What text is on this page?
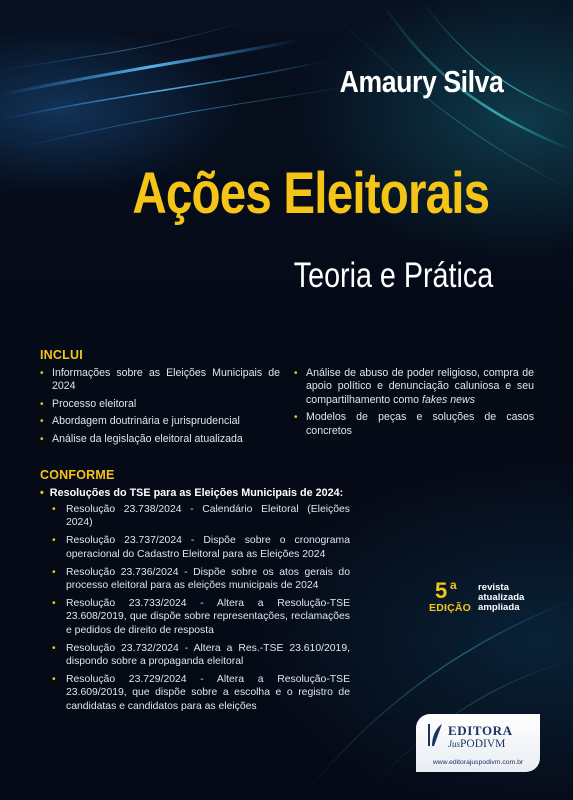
Amaury Silva
Ações Eleitorais
Teoria e Prática
INCLUI
• Informações sobre as Eleições Municipais de 2024
• Processo eleitoral
• Abordagem doutrinária e jurisprudencial
• Análise da legislação eleitoral atualizada
• Análise de abuso de poder religioso, compra de apoio político e denunciação caluniosa e seu compartilhamento como fakes news
• Modelos de peças e soluções de casos concretos
CONFORME
• Resoluções do TSE para as Eleições Municipais de 2024:
• Resolução 23.738/2024 - Calendário Eleitoral (Eleições 2024)
• Resolução 23.737/2024 - Dispõe sobre o cronograma operacional do Cadastro Eleitoral para as Eleições 2024
• Resolução 23.736/2024 - Dispõe sobre os atos gerais do processo eleitoral para as eleições municipais de 2024
• Resolução 23.733/2024 - Altera a Resolução-TSE 23.608/2019, que dispõe sobre representações, reclamações e pedidos de direito de resposta
• Resolução 23.732/2024 - Altera a Res.-TSE 23.610/2019, dispondo sobre a propaganda eleitoral
• Resolução 23.729/2024 - Altera a Resolução-TSE 23.609/2019, que dispõe sobre a escolha e o registro de candidatas e candidatos para as eleições
5 a
EDIÇÃO
revista
atualizada
ampliada
EDITORA
JusPODIVM
www.editorajuspodivm.com.br
